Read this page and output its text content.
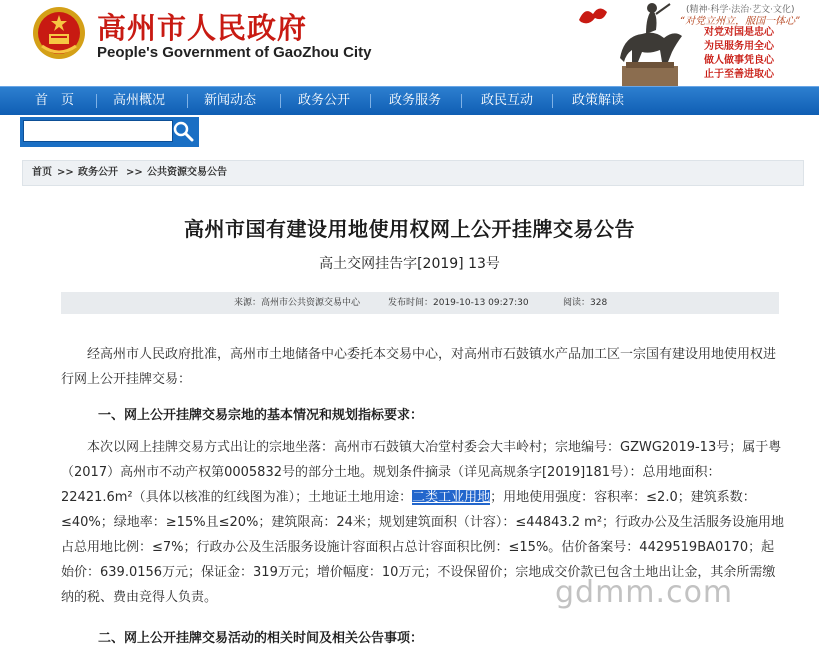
高州市人民政府
People's Government of GaoZhou City
(精神·科学·法治·艺文·文化)
“对党立州立，服国一体心”
对党对国是忠心
为民服务用全心
做人做事凭良心
止于至善进取心
首　页	高州概况	新闻动态	政务公开	政务服务	政民互动	政策解读
首页 >> 政务公开 >> 公共资源交易公告
高州市国有建设用地使用权网上公开挂牌交易公告
高土交网挂告字[2019] 13号
来源：高州市公共资源交易中心	发布时间：2019-10-13 09:27:30	阅读：328

经高州市人民政府批准，高州市土地储备中心委托本交易中心，对高州市石鼓镇水产品加工区一宗国有建设用地使用权进行网上公开挂牌交易：

一、网上公开挂牌交易宗地的基本情况和规划指标要求：

本次以网上挂牌交易方式出让的宗地坐落：高州市石鼓镇大冶堂村委会大丰岭村；宗地编号：GZWG2019-13号；属于粤（2017）高州市不动产权第0005832号的部分土地。规划条件摘录（详见高规条字[2019]181号）：总用地面积：22421.6m²（具体以核准的红线图为准）；土地证土地用途：二类工业用地；用地使用强度：容积率：≤2.0；建筑系数：≤40%；绿地率：≥15%且≤20%；建筑限高：24米；规划建筑面积（计容）：≤44843.2 m²；行政办公及生活服务设施用地占总用地比例：≤7%；行政办公及生活服务设施计容面积占总计容面积比例：≤15%。估价备案号：4429519BA0170；起始价：639.0156万元；保证金：319万元；增价幅度：10万元；不设保留价；宗地成交价款已包含土地出让金，其余所需缴纳的税、费由竞得人负责。

二、网上公开挂牌交易活动的相关时间及相关公告事项：

gdmm.com
